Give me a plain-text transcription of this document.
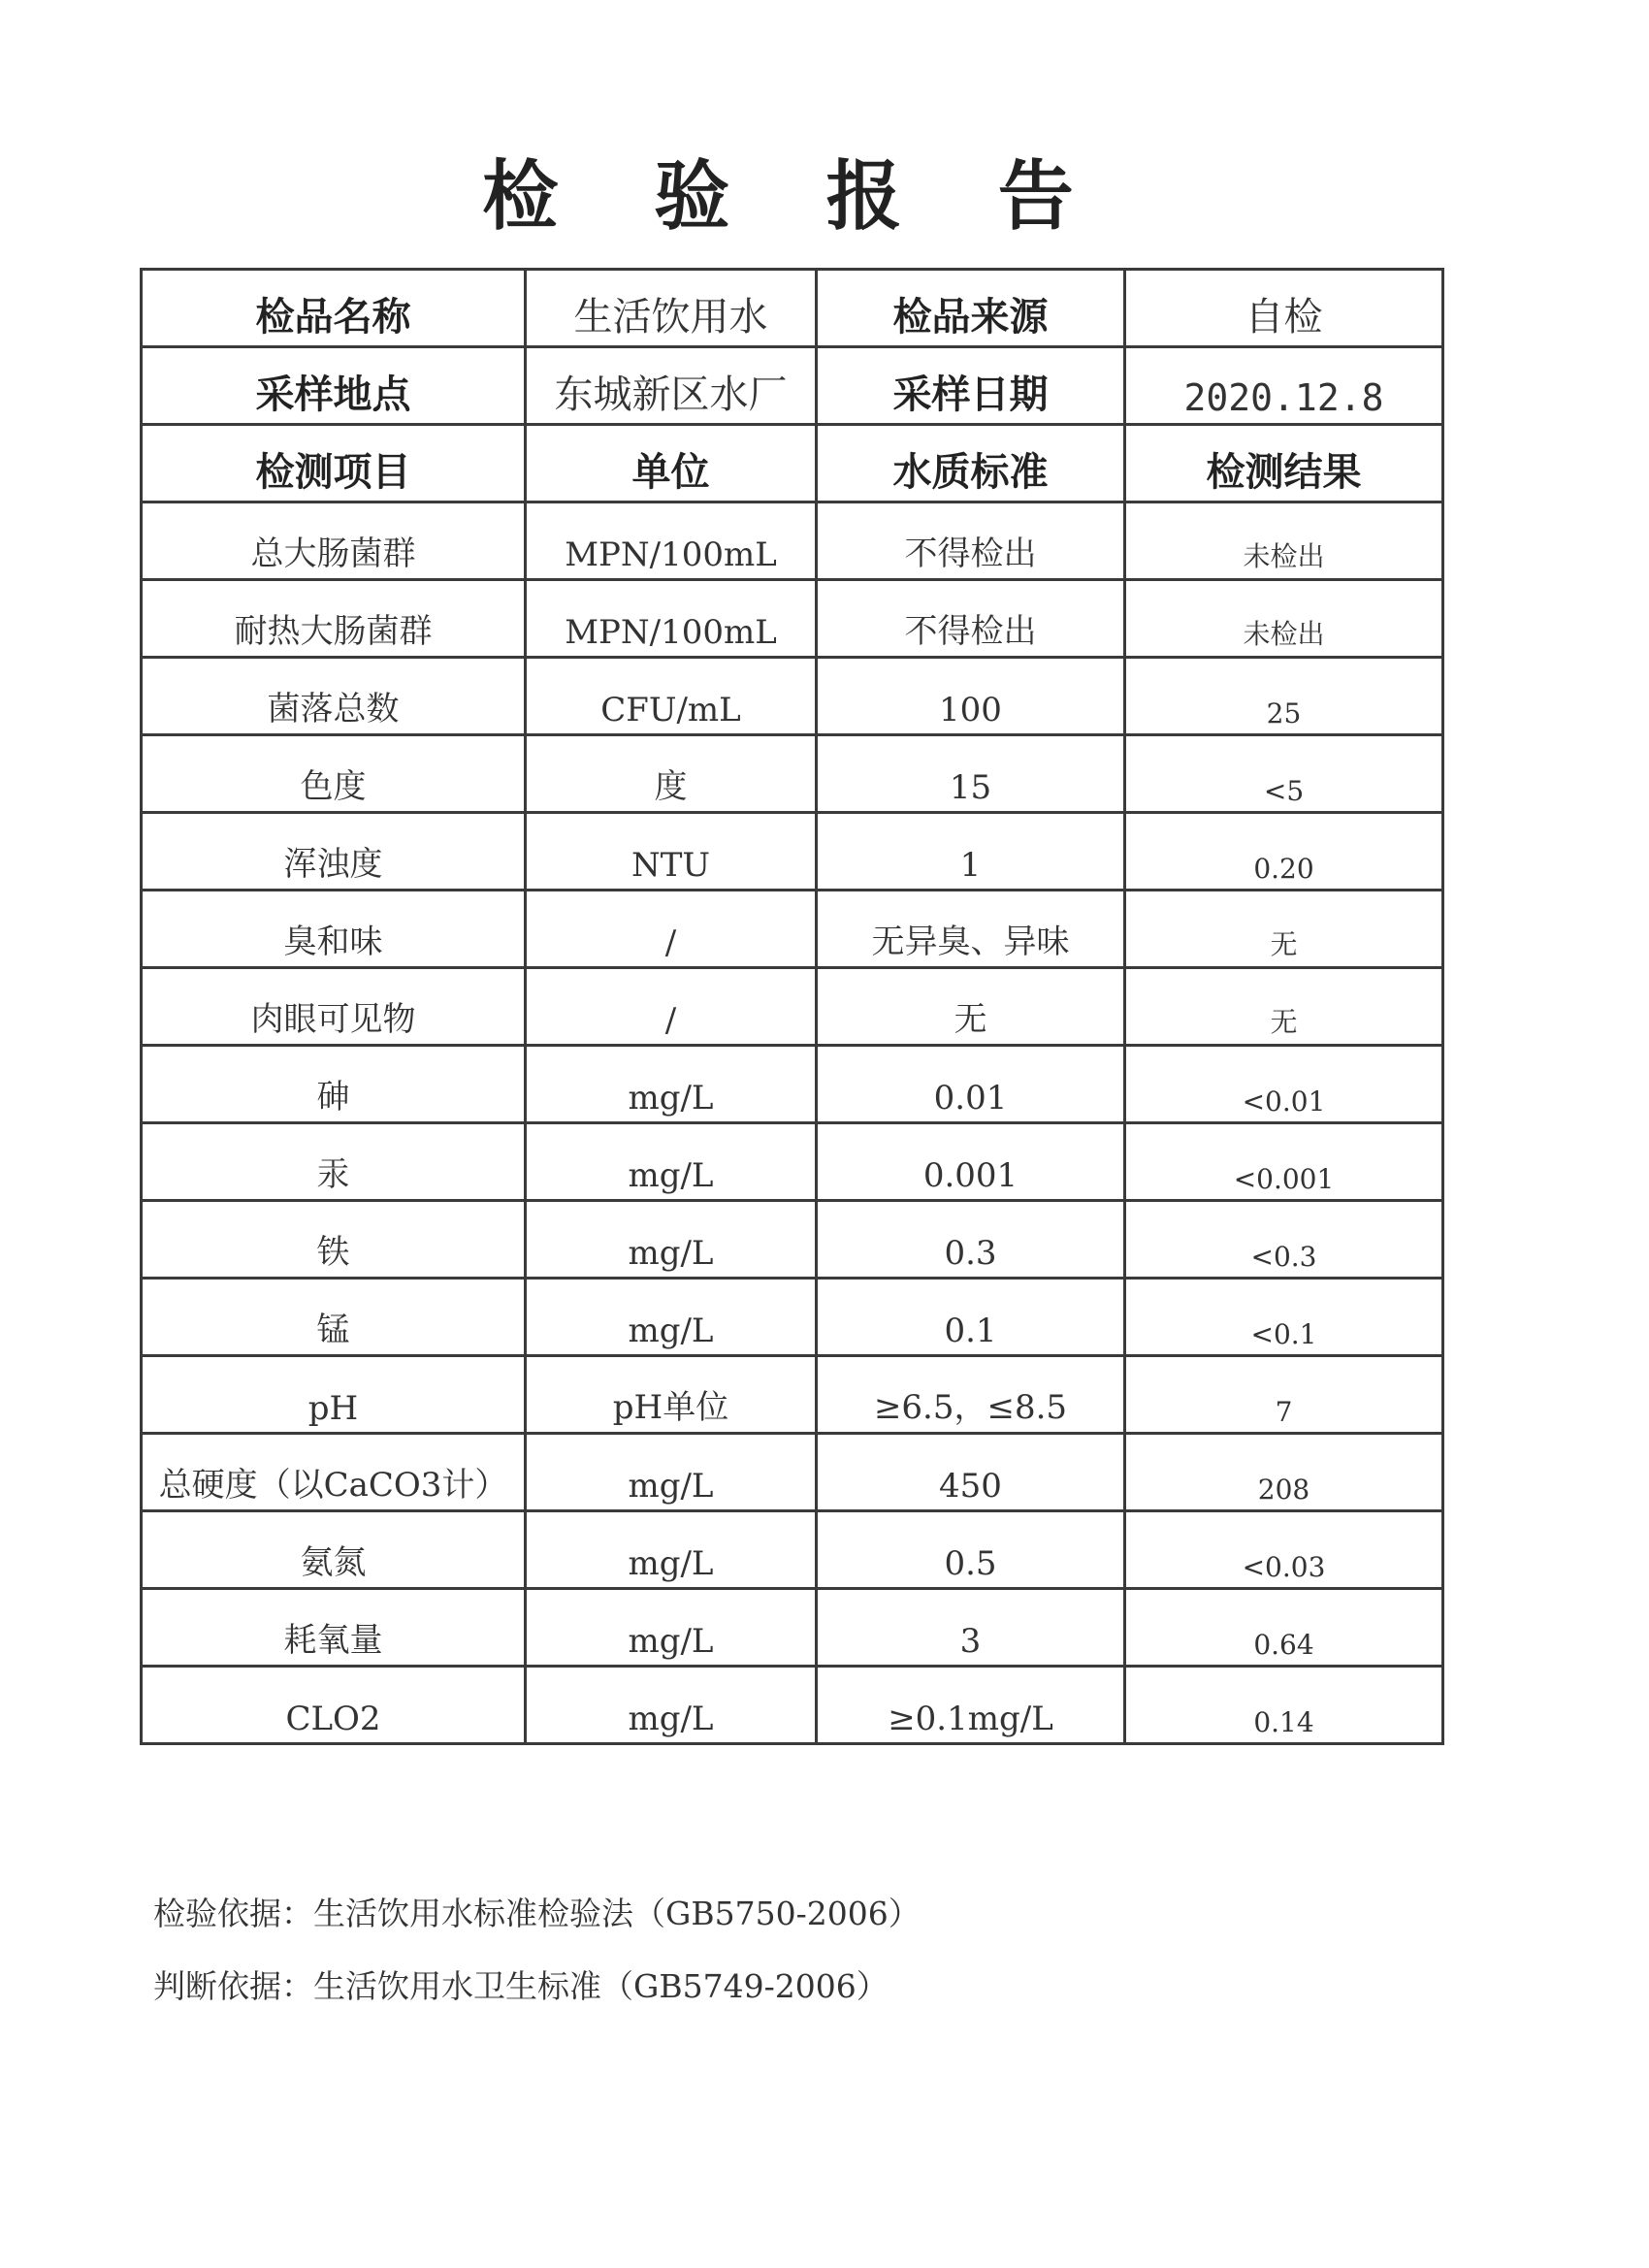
检 验 报 告
检品名称	生活饮用水	检品来源	自检
采样地点	东城新区水厂	采样日期	2020.12.8
检测项目	单位	水质标准	检测结果
总大肠菌群	MPN/100mL	不得检出	未检出
耐热大肠菌群	MPN/100mL	不得检出	未检出
菌落总数	CFU/mL	100	25
色度	度	15	<5
浑浊度	NTU	1	0.20
臭和味	/	无异臭、异味	无
肉眼可见物	/	无	无
砷	mg/L	0.01	<0.01
汞	mg/L	0.001	<0.001
铁	mg/L	0.3	<0.3
锰	mg/L	0.1	<0.1
pH	pH单位	≥6.5，≤8.5	7
总硬度（以CaCO3计）	mg/L	450	208
氨氮	mg/L	0.5	<0.03
耗氧量	mg/L	3	0.64
CLO2	mg/L	≥0.1mg/L	0.14
检验依据：生活饮用水标准检验法（GB5750-2006）
判断依据：生活饮用水卫生标准（GB5749-2006）
